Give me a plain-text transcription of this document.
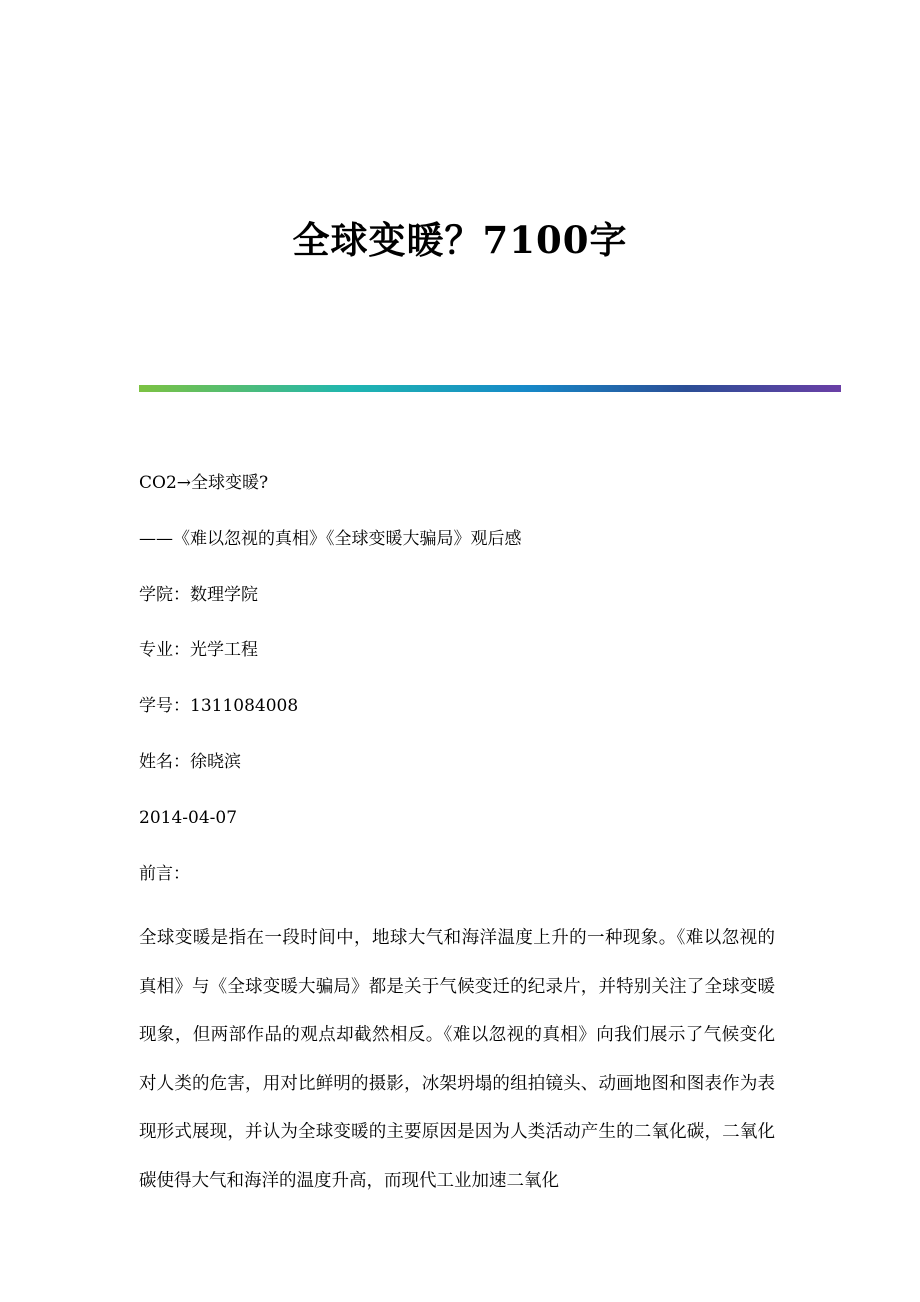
全球变暖？7100字
CO2→全球变暖?
——《难以忽视的真相》《全球变暖大骗局》观后感
学院：数理学院
专业：光学工程
学号：1311084008
姓名：徐晓滨
2014-04-07
前言：

全球变暖是指在一段时间中，地球大气和海洋温度上升的一种现象。《难以忽视的真相》与《全球变暖大骗局》都是关于气候变迁的纪录片，并特别关注了全球变暖现象，但两部作品的观点却截然相反。《难以忽视的真相》向我们展示了气候变化对人类的危害，用对比鲜明的摄影，冰架坍塌的组拍镜头、动画地图和图表作为表现形式展现，并认为全球变暖的主要原因是因为人类活动产生的二氧化碳，二氧化碳使得大气和海洋的温度升高，而现代工业加速二氧化
